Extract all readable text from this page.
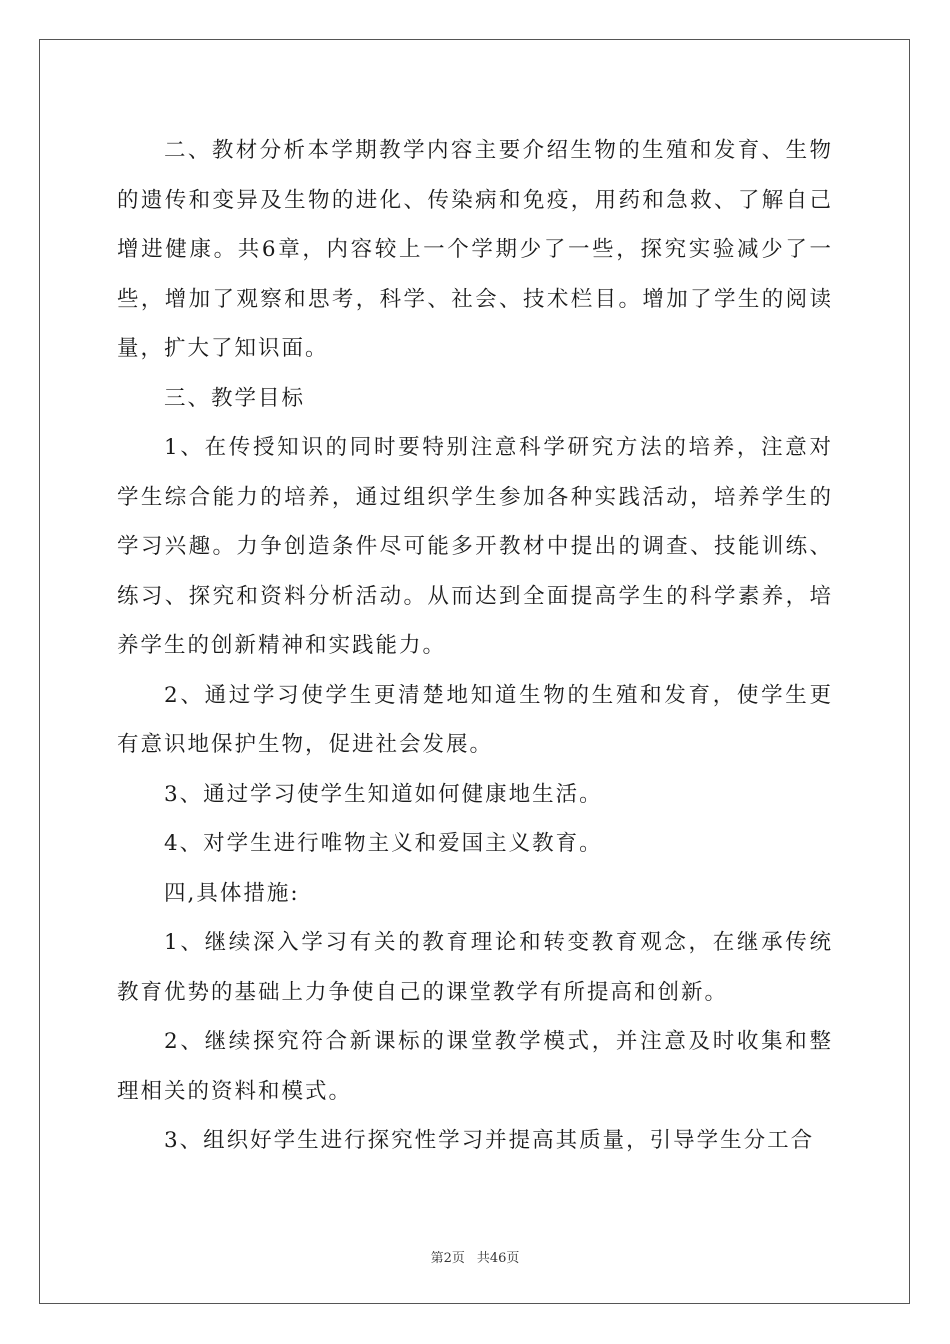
二、教材分析本学期教学内容主要介绍生物的生殖和发育、生物的遗传和变异及生物的进化、传染病和免疫，用药和急救、了解自己增进健康。共6章，内容较上一个学期少了一些，探究实验减少了一些，增加了观察和思考，科学、社会、技术栏目。增加了学生的阅读量，扩大了知识面。

三、教学目标

1、在传授知识的同时要特别注意科学研究方法的培养，注意对学生综合能力的培养，通过组织学生参加各种实践活动，培养学生的学习兴趣。力争创造条件尽可能多开教材中提出的调查、技能训练、练习、探究和资料分析活动。从而达到全面提高学生的科学素养，培养学生的创新精神和实践能力。

2、通过学习使学生更清楚地知道生物的生殖和发育，使学生更有意识地保护生物，促进社会发展。

3、通过学习使学生知道如何健康地生活。

4、对学生进行唯物主义和爱国主义教育。

四,具体措施:

1、继续深入学习有关的教育理论和转变教育观念，在继承传统教育优势的基础上力争使自己的课堂教学有所提高和创新。

2、继续探究符合新课标的课堂教学模式，并注意及时收集和整理相关的资料和模式。

3、组织好学生进行探究性学习并提高其质量，引导学生分工合

第2页 共46页
